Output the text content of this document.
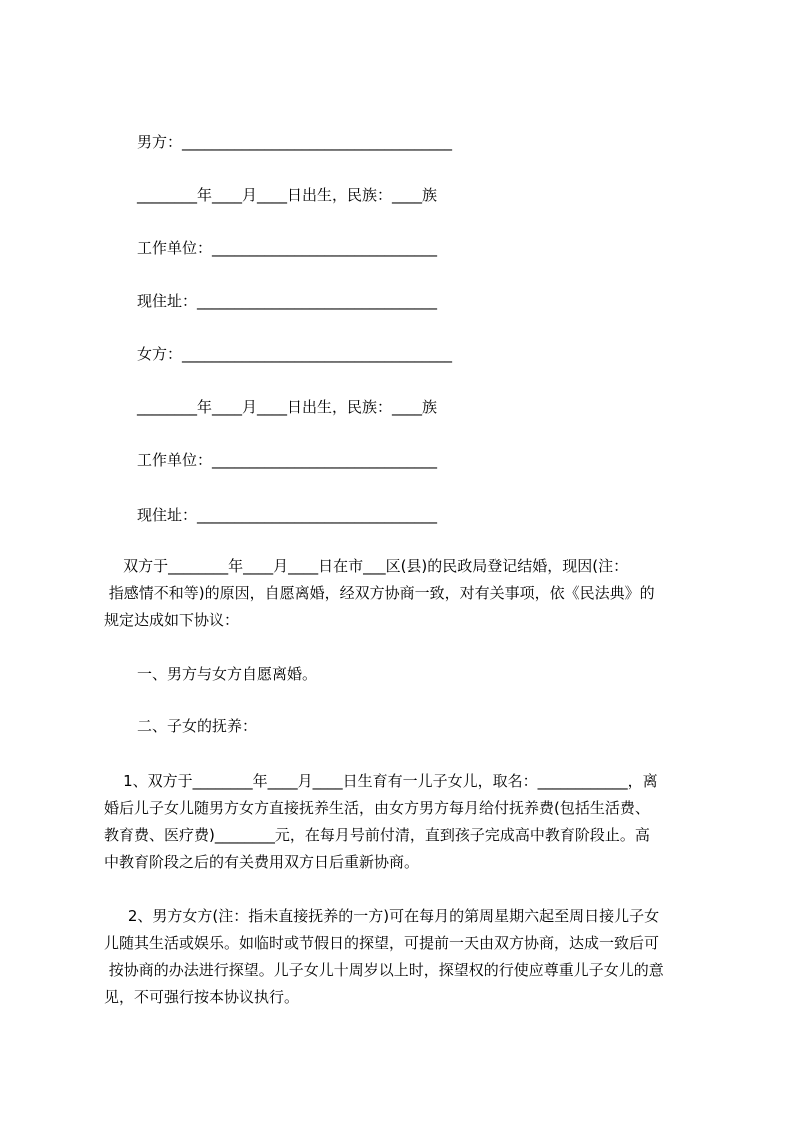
男方：____________________________________
________年____月____日出生，民族：____族
工作单位：______________________________
现住址：________________________________
女方：____________________________________
________年____月____日出生，民族：____族
工作单位：______________________________
现住址：________________________________
双方于________年____月____日在市___区(县)的民政局登记结婚，现因(注：
指感情不和等)的原因，自愿离婚，经双方协商一致，对有关事项，依《民法典》的
规定达成如下协议：
一、男方与女方自愿离婚。
二、子女的抚养：
1、双方于________年____月____日生育有一儿子女儿，取名：____________，离
婚后儿子女儿随男方女方直接抚养生活，由女方男方每月给付抚养费(包括生活费、
教育费、医疗费)________元，在每月号前付清，直到孩子完成高中教育阶段止。高
中教育阶段之后的有关费用双方日后重新协商。
2、男方女方(注：指未直接抚养的一方)可在每月的第周星期六起至周日接儿子女
儿随其生活或娱乐。如临时或节假日的探望，可提前一天由双方协商，达成一致后可
按协商的办法进行探望。儿子女儿十周岁以上时，探望权的行使应尊重儿子女儿的意
见，不可强行按本协议执行。
